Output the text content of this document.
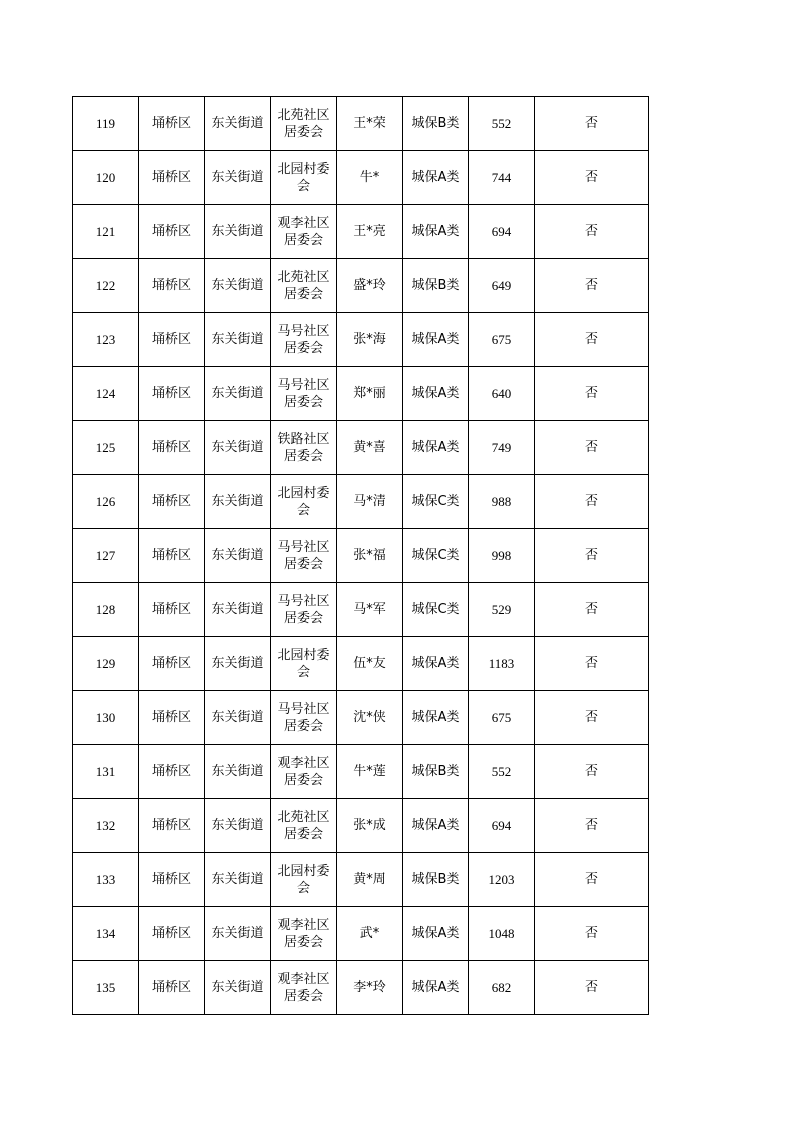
119	埇桥区	东关街道	北苑社区居委会	王*荣	城保B类	552	否

120	埇桥区	东关街道	北园村委会	牛*	城保A类	744	否

121	埇桥区	东关街道	观李社区居委会	王*亮	城保A类	694	否

122	埇桥区	东关街道	北苑社区居委会	盛*玲	城保B类	649	否

123	埇桥区	东关街道	马号社区居委会	张*海	城保A类	675	否

124	埇桥区	东关街道	马号社区居委会	郑*丽	城保A类	640	否

125	埇桥区	东关街道	铁路社区居委会	黄*喜	城保A类	749	否

126	埇桥区	东关街道	北园村委会	马*清	城保C类	988	否

127	埇桥区	东关街道	马号社区居委会	张*福	城保C类	998	否

128	埇桥区	东关街道	马号社区居委会	马*军	城保C类	529	否

129	埇桥区	东关街道	北园村委会	伍*友	城保A类	1183	否

130	埇桥区	东关街道	马号社区居委会	沈*侠	城保A类	675	否

131	埇桥区	东关街道	观李社区居委会	牛*莲	城保B类	552	否

132	埇桥区	东关街道	北苑社区居委会	张*成	城保A类	694	否

133	埇桥区	东关街道	北园村委会	黄*周	城保B类	1203	否

134	埇桥区	东关街道	观李社区居委会	武*	城保A类	1048	否

135	埇桥区	东关街道	观李社区居委会	李*玲	城保A类	682	否
